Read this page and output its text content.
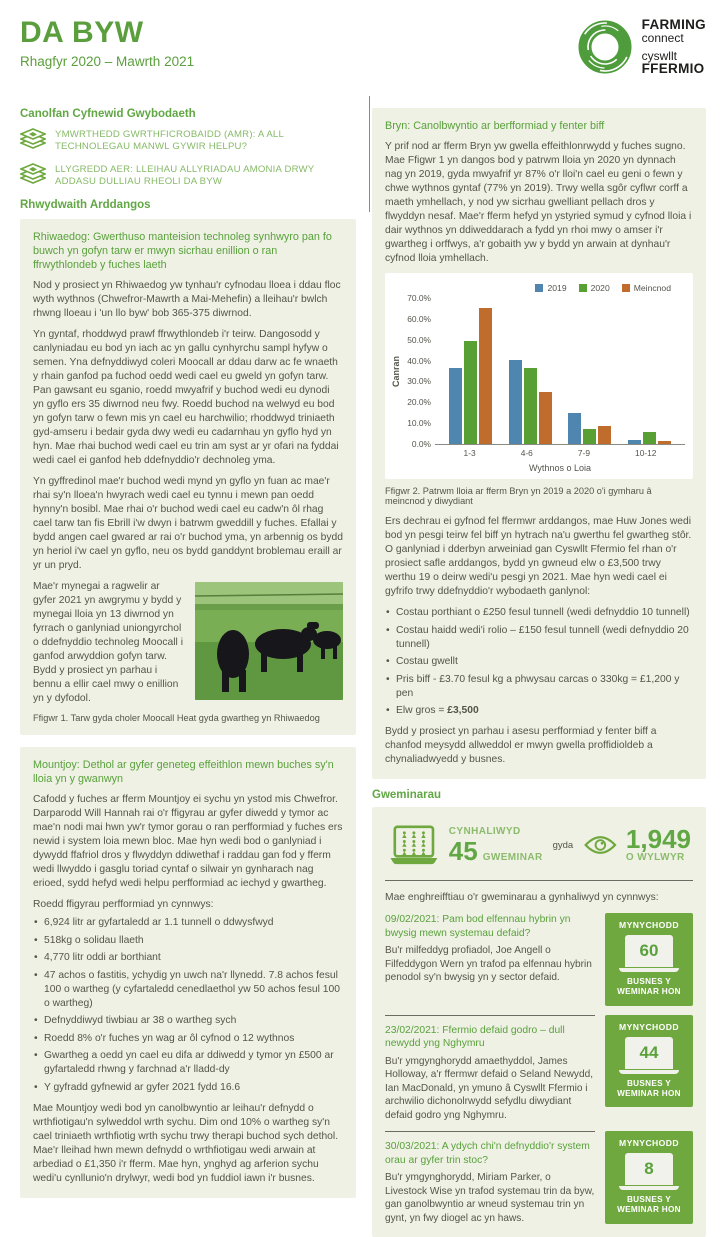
DA BYW
Rhagfyr 2020 – Mawrth 2021
FARMING
connect
cyswllt
FFERMIO
Canolfan Cyfnewid Gwybodaeth
YMWRTHEDD GWRTHFICROBAIDD (AMR): A ALL TECHNOLEGAU MANWL GYWIR HELPU?
LLYGREDD AER: LLEIHAU ALLYRIADAU AMONIA DRWY ADDASU DULLIAU RHEOLI DA BYW
Rhwydwaith Arddangos
Rhiwaedog: Gwerthuso manteision technoleg synhwyro pan fo buwch yn gofyn tarw er mwyn sicrhau enillion o ran ffrwythlondeb y fuches laeth

Nod y prosiect yn Rhiwaedog yw tynhau'r cyfnodau lloea i ddau floc wyth wythnos (Chwefror-Mawrth a Mai-Mehefin) a lleihau'r bwlch rhwng lloeau i 'un llo byw' bob 365-375 diwrnod.

Yn gyntaf, rhoddwyd prawf ffrwythlondeb i'r teirw. Dangosodd y canlyniadau eu bod yn iach ac yn gallu cynhyrchu sampl hyfyw o semen. Yna defnyddiwyd coleri Moocall ar ddau darw ac fe wnaeth y rhain ganfod pa fuchod oedd wedi cael eu gweld yn gofyn tarw. Pan gawsant eu sganio, roedd mwyafrif y buchod wedi eu dynodi yn gyflo ers 35 diwrnod neu fwy. Roedd buchod na welwyd eu bod yn gofyn tarw o fewn mis yn cael eu harchwilio; rhoddwyd triniaeth gyd-amseru i bedair gyda dwy wedi eu cadarnhau yn gyflo hyd yn hyn. Mae rhai buchod wedi cael eu trin am syst ar yr ofari na fyddai wedi cael ei ganfod heb ddefnyddio'r dechnoleg yma.

Yn gyffredinol mae'r buchod wedi mynd yn gyflo yn fuan ac mae'r rhai sy'n lloea'n hwyrach wedi cael eu tynnu i mewn pan oedd hynny'n bosibl. Mae rhai o'r buchod wedi cael eu cadw'n ôl rhag cael tarw tan fis Ebrill i'w dwyn i batrwm gweddill y fuches. Efallai y bydd angen cael gwared ar rai o'r buchod yma, yn arbennig os bydd yn heriol i'w cael yn gyflo, neu os bydd ganddynt broblemau eraill ar yr un pryd.

Mae'r mynegai a ragwelir ar gyfer 2021 yn awgrymu y bydd y mynegai lloia yn 13 diwrnod yn fyrrach o ganlyniad uniongyrchol o ddefnyddio technoleg Moocall i ganfod arwyddion gofyn tarw. Bydd y prosiect yn parhau i bennu a ellir cael mwy o enillion yn y dyfodol.

Ffigwr 1. Tarw gyda choler Moocall Heat gyda gwartheg yn Rhiwaedog
Mountjoy: Dethol ar gyfer geneteg effeithlon mewn buches sy'n lloia yn y gwanwyn

Cafodd y fuches ar fferm Mountjoy ei sychu yn ystod mis Chwefror. Darparodd Will Hannah rai o'r ffigyrau ar gyfer diwedd y tymor ac mae'n nodi mai hwn yw'r tymor gorau o ran perfformiad y fuches ers newid i system loia mewn bloc. Mae hyn wedi bod o ganlyniad i dywydd ffafriol dros y flwyddyn ddiwethaf i raddau gan fod y fferm wedi llwyddo i gasglu toriad cyntaf o silwair yn gynharach nag erioed, sydd hefyd wedi helpu perfformiad ac iechyd y gwartheg.

Roedd ffigyrau perfformiad yn cynnwys:

• 6,924 litr ar gyfartaledd ar 1.1 tunnell o ddwysfwyd
• 518kg o solidau llaeth
• 4,770 litr oddi ar borthiant
• 47 achos o fastitis, ychydig yn uwch na'r llynedd. 7.8 achos fesul 100 o wartheg (y cyfartaledd cenedlaethol yw 50 achos fesul 100 o wartheg)
• Defnyddiwyd tiwbiau ar 38 o wartheg sych
• Roedd 8% o'r fuches yn wag ar ôl cyfnod o 12 wythnos
• Gwartheg a oedd yn cael eu difa ar ddiwedd y tymor yn £500 ar gyfartaledd rhwng y farchnad a'r lladd-dy
• Y gyfradd gyfnewid ar gyfer 2021 fydd 16.6

Mae Mountjoy wedi bod yn canolbwyntio ar leihau'r defnydd o wrthfiotigau'n sylweddol wrth sychu. Dim ond 10% o wartheg sy'n cael triniaeth wrthfiotig wrth sychu trwy therapi buchod sych dethol. Mae'r lleihad hwn mewn defnydd o wrthfiotigau wedi arwain at arbediad o £1,350 i'r fferm. Mae hyn, ynghyd ag arferion sychu wedi'u cynllunio'n drylwyr, wedi bod yn fuddiol iawn i'r busnes.

Bryn: Canolbwyntio ar berfformiad y fenter biff

Y prif nod ar fferm Bryn yw gwella effeithlonrwydd y fuches sugno. Mae Ffigwr 1 yn dangos bod y patrwm lloia yn 2020 yn dynnach nag yn 2019, gyda mwyafrif yr 87% o'r lloi'n cael eu geni o fewn y chwe wythnos gyntaf (77% yn 2019). Trwy wella sgôr cyflwr corff a maeth ymhellach, y nod yw sicrhau gwelliant pellach dros y flwyddyn nesaf. Mae'r fferm hefyd yn ystyried symud y cyfnod lloia i dair wythnos yn ddiweddarach a fydd yn rhoi mwy o amser i'r gwartheg i orffwys, a'r gobaith yw y bydd yn arwain at dynhau'r cyfnod lloia ymhellach.

2019	2020	Meincnod
Canran
70.0%
60.0%
50.0%
40.0%
30.0%
20.0%
10.0%
0.0%
1-3	4-6	7-9	10-12
Wythnos o Loia
Ffigwr 2. Patrwm lloia ar fferm Bryn yn 2019 a 2020 o'i gymharu â meincnod y diwydiant

Ers dechrau ei gyfnod fel ffermwr arddangos, mae Huw Jones wedi bod yn pesgi teirw fel biff yn hytrach na'u gwerthu fel gwartheg stôr. O ganlyniad i dderbyn arweiniad gan Cyswllt Ffermio fel rhan o'r prosiect safle arddangos, bydd yn gwneud elw o £3,500 trwy werthu 19 o deirw wedi'u pesgi yn 2021. Mae hyn wedi cael ei gyfrifo trwy ddefnyddio'r wybodaeth ganlynol:

• Costau porthiant o £250 fesul tunnell (wedi defnyddio 10 tunnell)
• Costau haidd wedi'i rolio – £150 fesul tunnell (wedi defnyddio 20 tunnell)
• Costau gwellt
• Pris biff - £3.70 fesul kg a phwysau carcas o 330kg = £1,200 y pen
• Elw gros = £3,500

Bydd y prosiect yn parhau i asesu perfformiad y fenter biff a chanfod meysydd allweddol er mwyn gwella proffidioldeb a chynaliadwyedd y busnes.

Gweminarau
CYNHALIWYD
45 GWEMINAR
gyda 1,949
O WYLWYR

Mae enghreifftiau o'r gweminarau a gynhaliwyd yn cynnwys:

09/02/2021: Pam bod elfennau hybrin yn bwysig mewn systemau defaid?
Bu'r milfeddyg profiadol, Joe Angell o Filfeddygon Wern yn trafod pa elfennau hybrin penodol sy'n bwysig yn y sector defaid.
MYNYCHODD
60
BUSNES Y WEMINAR HON
23/02/2021: Ffermio defaid godro – dull newydd yng Nghymru
Bu'r ymgynghorydd amaethyddol, James Holloway, a'r ffermwr defaid o Seland Newydd, Ian MacDonald, yn ymuno â Cyswllt Ffermio i archwilio dichonolrwydd sefydlu diwydiant defaid godro yng Nghymru.
MYNYCHODD
44
BUSNES Y WEMINAR HON
30/03/2021: A ydych chi'n defnyddio'r system orau ar gyfer trin stoc?
Bu'r ymgynghorydd, Miriam Parker, o Livestock Wise yn trafod systemau trin da byw, gan ganolbwyntio ar wneud systemau trin yn gynt, yn fwy diogel ac yn haws.
MYNYCHODD
8
BUSNES Y WEMINAR HON
